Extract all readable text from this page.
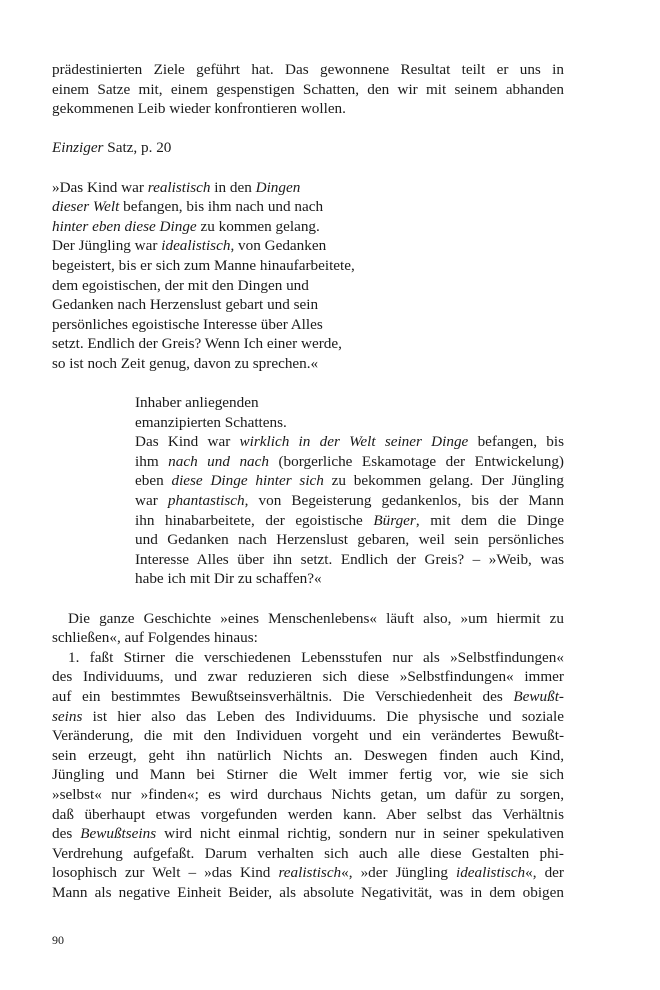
prädestinierten Ziele geführt hat. Das gewonnene Resultat teilt er uns in
einem Satze mit, einem gespenstigen Schatten, den wir mit seinem abhanden
gekommenen Leib wieder konfrontieren wollen.
Einziger Satz, p. 20
»Das Kind war realistisch in den Dingen
dieser Welt befangen, bis ihm nach und nach
hinter eben diese Dinge zu kommen gelang.
Der Jüngling war idealistisch, von Gedanken
begeistert, bis er sich zum Manne hinaufarbeitete,
dem egoistischen, der mit den Dingen und
Gedanken nach Herzenslust gebart und sein
persönliches egoistische Interesse über Alles
setzt. Endlich der Greis? Wenn Ich einer werde,
so ist noch Zeit genug, davon zu sprechen.«
Inhaber anliegenden
emanzipierten Schattens.
Das Kind war wirklich in der Welt seiner Dinge befangen, bis
ihm nach und nach (borgerliche Eskamotage der Entwickelung)
eben diese Dinge hinter sich zu bekommen gelang. Der Jüngling
war phantastisch, von Begeisterung gedankenlos, bis der Mann
ihn hinabarbeitete, der egoistische Bürger, mit dem die Dinge
und Gedanken nach Herzenslust gebaren, weil sein persönliches
Interesse Alles über ihn setzt. Endlich der Greis? – »Weib, was
habe ich mit Dir zu schaffen?«
Die ganze Geschichte »eines Menschenlebens« läuft also, »um hiermit zu
schließen«, auf Folgendes hinaus:
1. faßt Stirner die verschiedenen Lebensstufen nur als »Selbstfindungen«
des Individuums, und zwar reduzieren sich diese »Selbstfindungen« immer
auf ein bestimmtes Bewußtseinsverhältnis. Die Verschiedenheit des Bewußt-
seins ist hier also das Leben des Individuums. Die physische und soziale
Veränderung, die mit den Individuen vorgeht und ein verändertes Bewußt-
sein erzeugt, geht ihn natürlich Nichts an. Deswegen finden auch Kind,
Jüngling und Mann bei Stirner die Welt immer fertig vor, wie sie sich
»selbst« nur »finden«; es wird durchaus Nichts getan, um dafür zu sorgen,
daß überhaupt etwas vorgefunden werden kann. Aber selbst das Verhältnis
des Bewußtseins wird nicht einmal richtig, sondern nur in seiner spekulativen
Verdrehung aufgefaßt. Darum verhalten sich auch alle diese Gestalten phi-
losophisch zur Welt – »das Kind realistisch«, »der Jüngling idealistisch«, der
Mann als negative Einheit Beider, als absolute Negativität, was in dem obigen
90
